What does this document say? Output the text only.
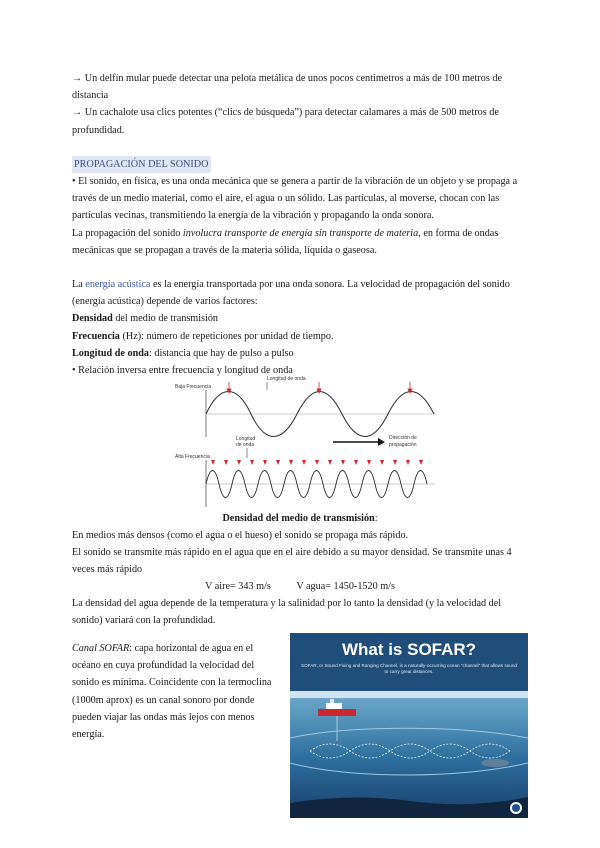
→ Un delfín mular puede detectar una pelota metálica de unos pocos centímetros a más de 100 metros de distancia

→ Un cachalote usa clics potentes (“clics de búsqueda”) para detectar calamares a más de 500 metros de profundidad.

PROPAGACIÓN DEL SONIDO

• El sonido, en física, es una onda mecánica que se genera a partir de la vibración de un objeto y se propaga a través de un medio material, como el aire, el agua o un sólido. Las partículas, al moverse, chocan con las partículas vecinas, transmitiendo la energía de la vibración y propagando la onda sonora.

La propagación del sonido involucra transporte de energía sin transporte de materia, en forma de ondas mecánicas que se propagan a través de la materia sólida, líquida o gaseosa.

La energía acústica es la energía transportada por una onda sonora. La velocidad de propagación del sonido (energía acústica) depende de varios factores:

Densidad del medio de transmisión

Frecuencia (Hz): número de repeticiones por unidad de tiempo.

Longitud de onda: distancia que hay de pulso a pulso

• Relación inversa entre frecuencia y longitud de onda

Baja Frecuencia
Longitud de onda
Longitud
de onda
Dirección de
propagación
Alta Frecuencia

Densidad del medio de transmisión:

En medios más densos (como el agua o el hueso) el sonido se propaga más rápido.

El sonido se transmite más rápido en el agua que en el aire debido a su mayor densidad. Se transmite unas 4 veces más rápido

V aire= 343 m/s V agua= 1450-1520 m/s

La densidad del agua depende de la temperatura y la salinidad por lo tanto la densidad (y la velocidad del sonido) variará con la profundidad.

Canal SOFAR: capa horizontal de agua en el océano en cuya profundidad la velocidad del sonido es mínima. Coincidente con la termoclina (1000m aprox) es un canal sonoro por donde pueden viajar las ondas más lejos con menos energía.

What is SOFAR?
SOFAR, or Sound Fixing and Ranging Channel, is a naturally-occurring ocean "channel" that allows sound to carry great distances.
